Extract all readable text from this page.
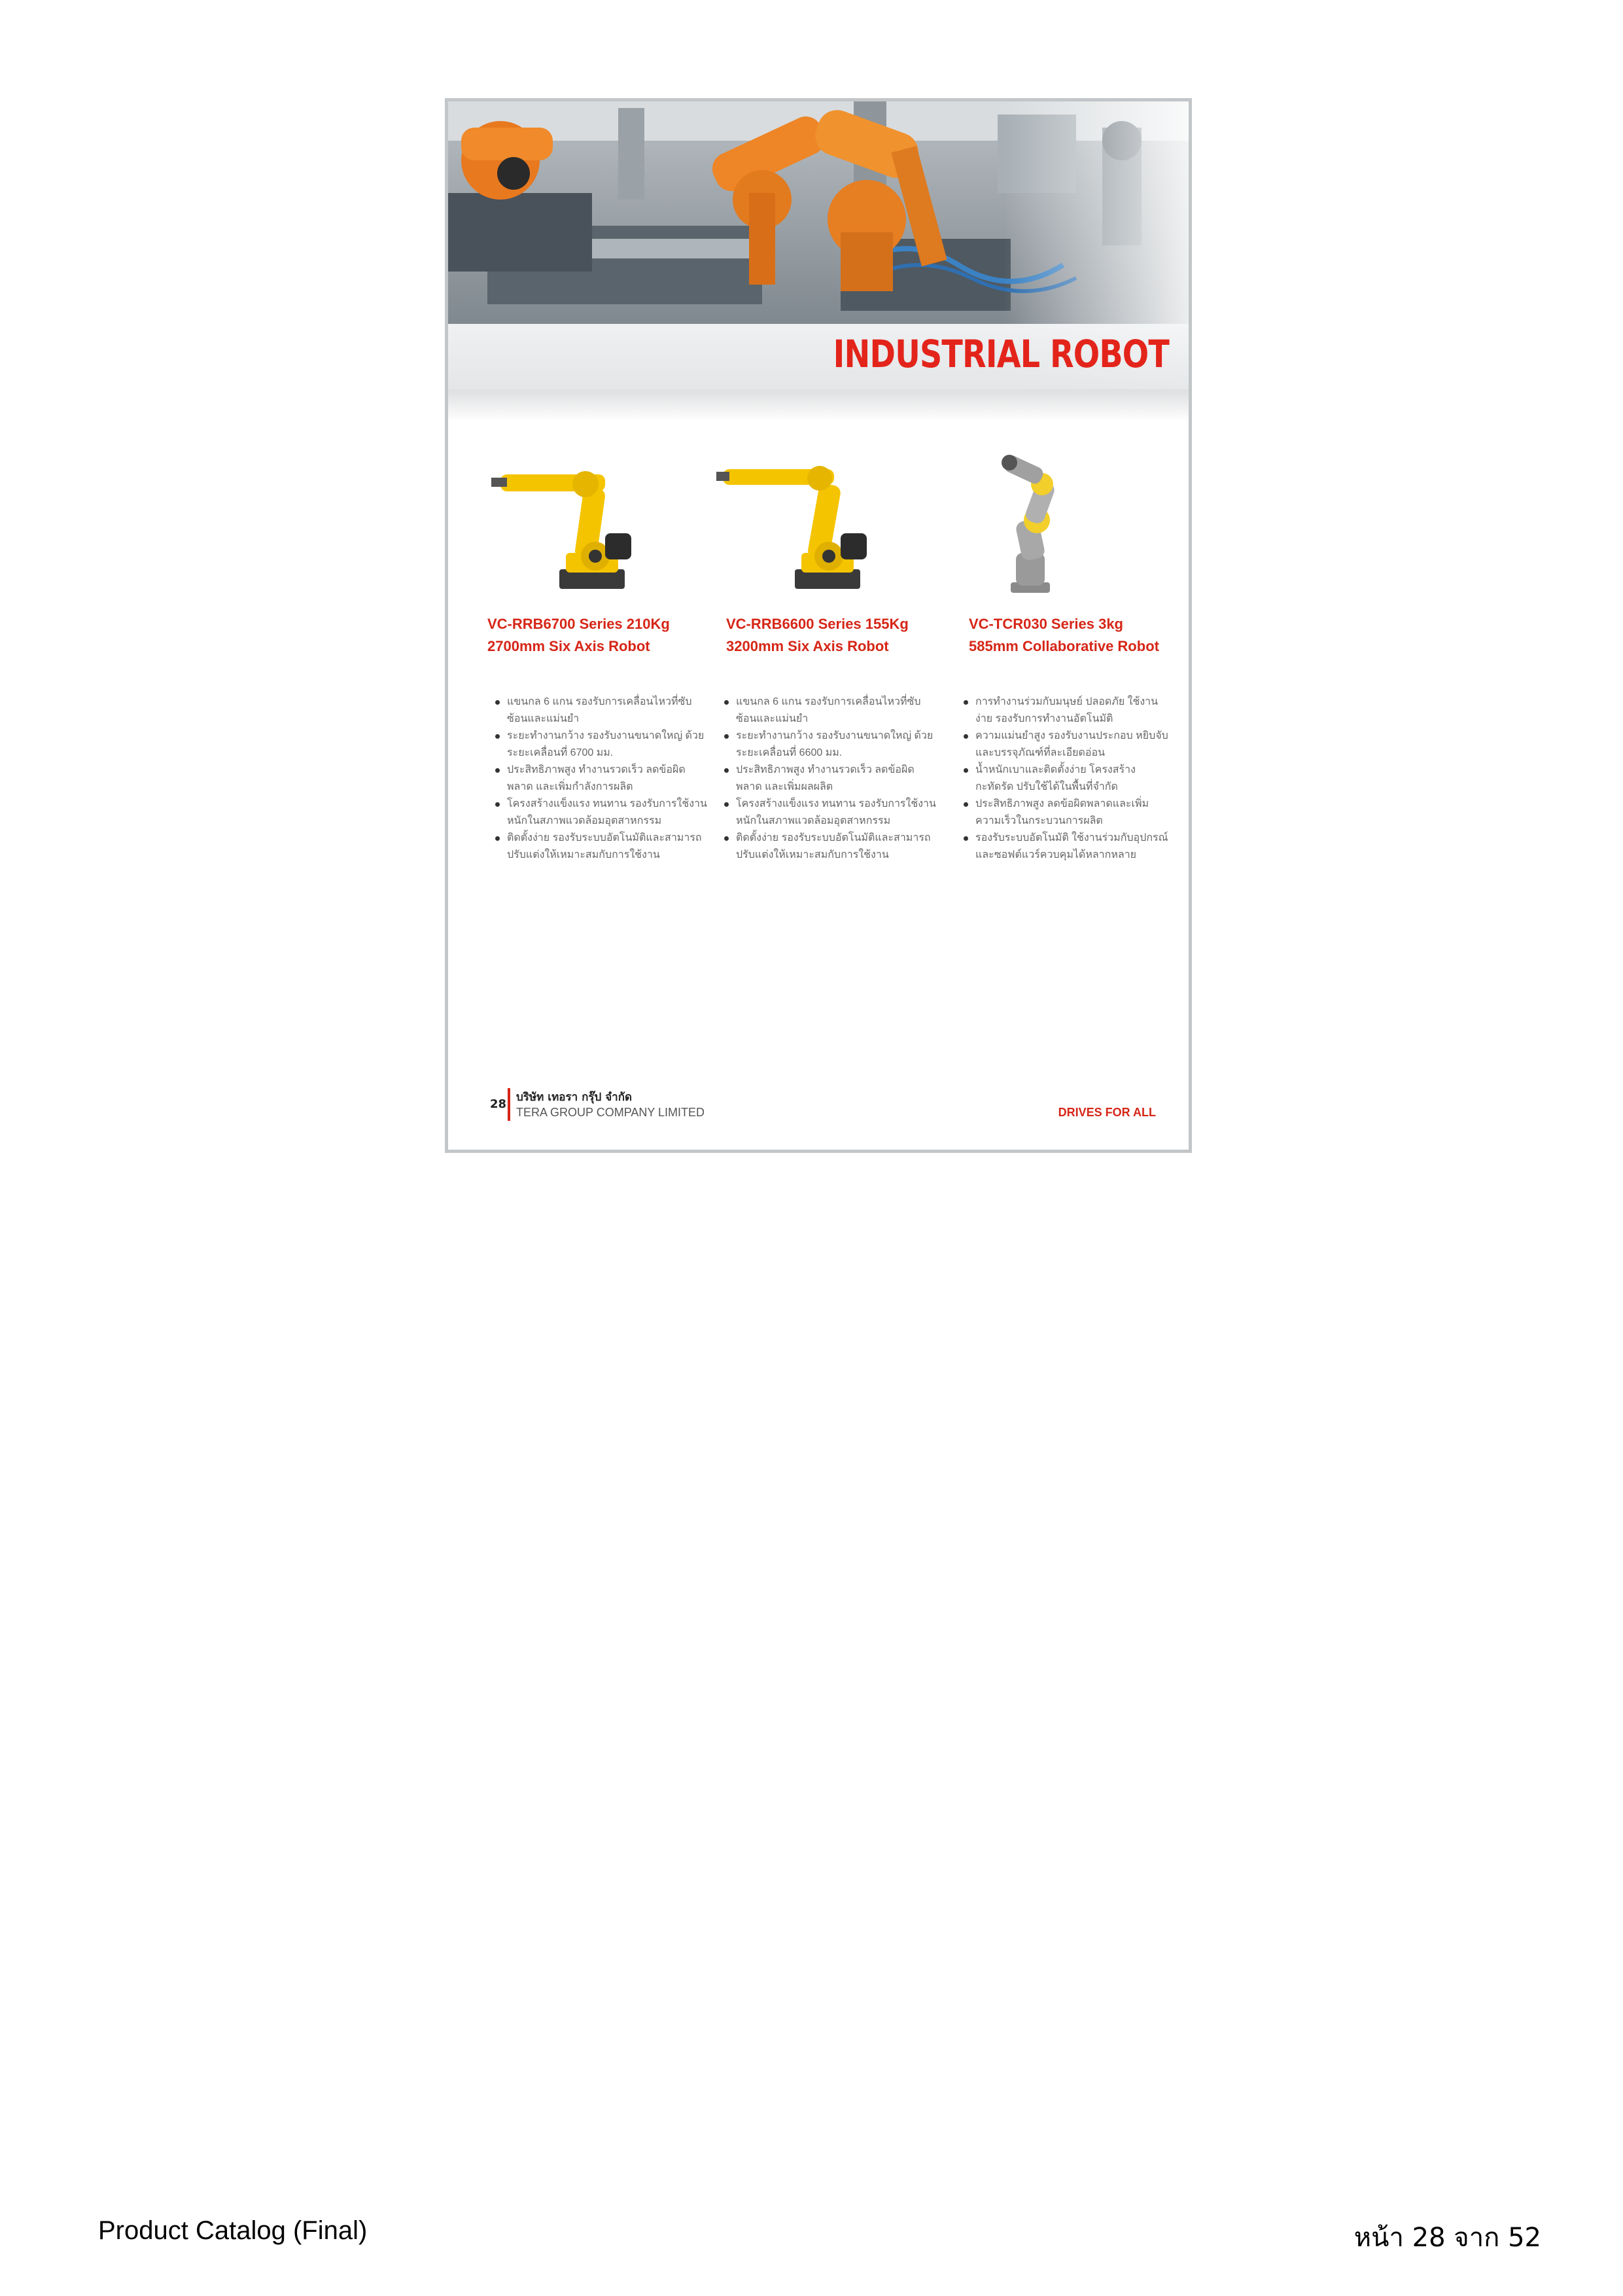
INDUSTRIAL ROBOT
VC-RRB6700 Series 210Kg
2700mm Six Axis Robot
แขนกล 6 แกน รองรับการเคลื่อนไหวที่ซับซ้อนและแม่นยำ
ระยะทำงานกว้าง รองรับงานขนาดใหญ่ ด้วยระยะเคลื่อนที่ 6700 มม.
ประสิทธิภาพสูง ทำงานรวดเร็ว ลดข้อผิดพลาด และเพิ่มกำลังการผลิต
โครงสร้างแข็งแรง ทนทาน รองรับการใช้งานหนักในสภาพแวดล้อมอุตสาหกรรม
ติดตั้งง่าย รองรับระบบอัตโนมัติและสามารถปรับแต่งให้เหมาะสมกับการใช้งาน
VC-RRB6600 Series 155Kg
3200mm Six Axis Robot
แขนกล 6 แกน รองรับการเคลื่อนไหวที่ซับซ้อนและแม่นยำ
ระยะทำงานกว้าง รองรับงานขนาดใหญ่ ด้วยระยะเคลื่อนที่ 6600 มม.
ประสิทธิภาพสูง ทำงานรวดเร็ว ลดข้อผิดพลาด และเพิ่มผลผลิต
โครงสร้างแข็งแรง ทนทาน รองรับการใช้งานหนักในสภาพแวดล้อมอุตสาหกรรม
ติดตั้งง่าย รองรับระบบอัตโนมัติและสามารถปรับแต่งให้เหมาะสมกับการใช้งาน
VC-TCR030 Series 3kg
585mm Collaborative Robot
การทำงานร่วมกับมนุษย์ ปลอดภัย ใช้งานง่าย รองรับการทำงานอัตโนมัติ
ความแม่นยำสูง รองรับงานประกอบ หยิบจับ และบรรจุภัณฑ์ที่ละเอียดอ่อน
น้ำหนักเบาและติดตั้งง่าย โครงสร้างกะทัดรัด ปรับใช้ได้ในพื้นที่จำกัด
ประสิทธิภาพสูง ลดข้อผิดพลาดและเพิ่มความเร็วในกระบวนการผลิต
รองรับระบบอัตโนมัติ ใช้งานร่วมกับอุปกรณ์และซอฟต์แวร์ควบคุมได้หลากหลาย
28 บริษัท เทอรา กรุ๊ป จำกัด
TERA GROUP COMPANY LIMITED	DRIVES FOR ALL
Product Catalog (Final)	หน้า 28 จาก 52
